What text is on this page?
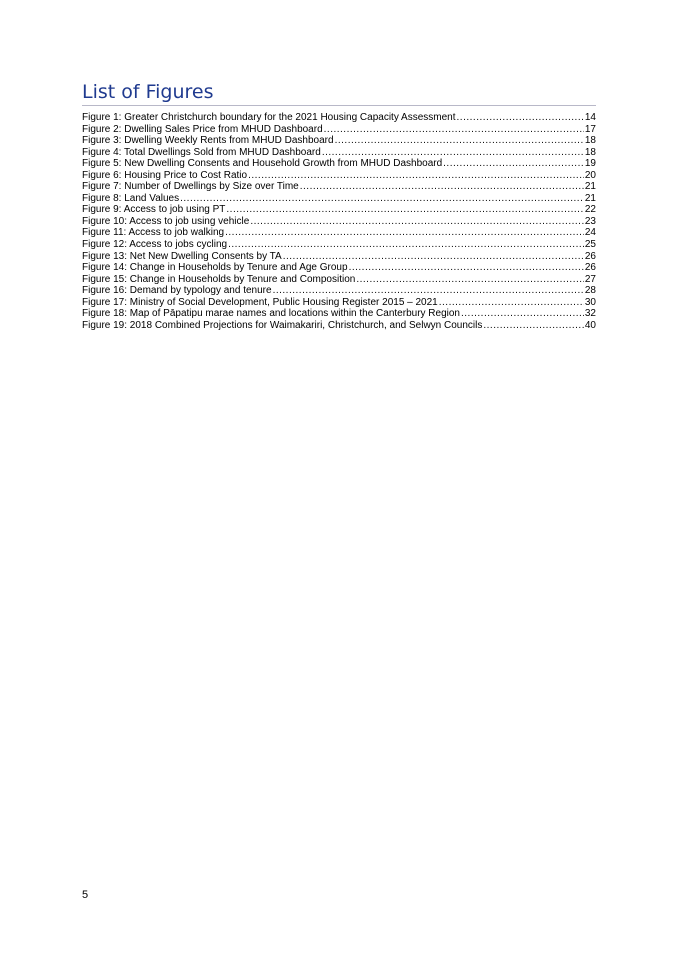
List of Figures
Figure 1: Greater Christchurch boundary for the 2021 Housing Capacity Assessment .....	14
Figure 2: Dwelling Sales Price from MHUD Dashboard .....	17
Figure 3: Dwelling Weekly Rents from MHUD Dashboard .....	18
Figure 4: Total Dwellings Sold from MHUD Dashboard .....	18
Figure 5: New Dwelling Consents and Household Growth from MHUD Dashboard .....	19
Figure 6: Housing Price to Cost Ratio .....	20
Figure 7: Number of Dwellings by Size over Time .....	21
Figure 8: Land Values .....	21
Figure 9: Access to job using PT .....	22
Figure 10: Access to job using vehicle .....	23
Figure 11: Access to job walking .....	24
Figure 12: Access to jobs cycling .....	25
Figure 13: Net New Dwelling Consents by TA .....	26
Figure 14: Change in Households by Tenure and Age Group .....	26
Figure 15: Change in Households by Tenure and Composition .....	27
Figure 16: Demand by typology and tenure .....	28
Figure 17: Ministry of Social Development, Public Housing Register 2015 – 2021 .....	30
Figure 18: Map of Pāpatipu marae names and locations within the Canterbury Region .....	32
Figure 19: 2018 Combined Projections for Waimakariri, Christchurch, and Selwyn Councils .....	40
5
